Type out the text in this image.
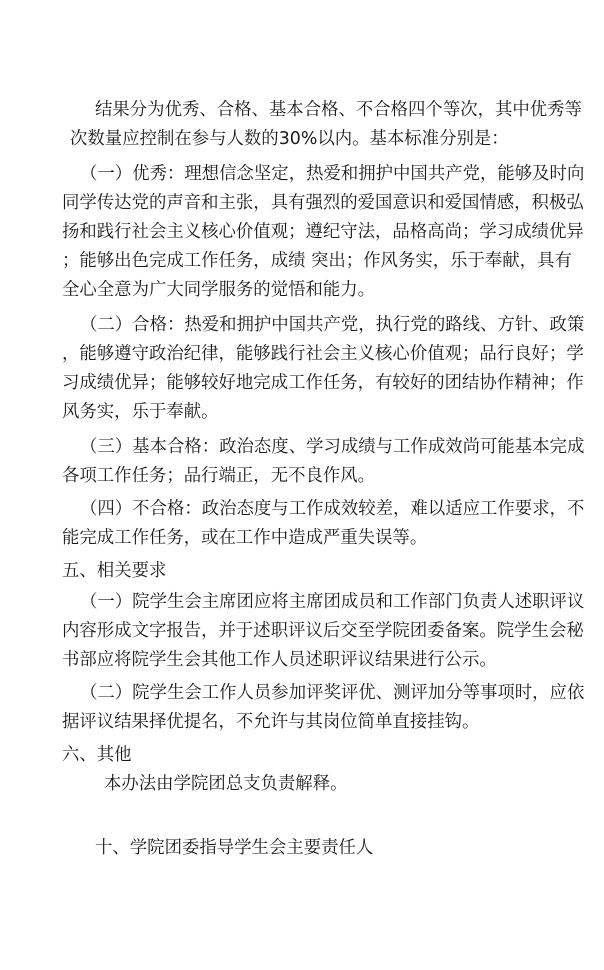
结果分为优秀、合格、基本合格、不合格四个等次，其中优秀等
次数量应控制在参与人数的30%以内。基本标准分别是：
（一）优秀：理想信念坚定，热爱和拥护中国共产党，能够及时向
同学传达党的声音和主张，具有强烈的爱国意识和爱国情感，积极弘
扬和践行社会主义核心价值观；遵纪守法，品格高尚；学习成绩优异
；能够出色完成工作任务，成绩 突出；作风务实，乐于奉献，具有
全心全意为广大同学服务的觉悟和能力。
（二）合格：热爱和拥护中国共产党，执行党的路线、方针、政策
，能够遵守政治纪律，能够践行社会主义核心价值观；品行良好；学
习成绩优异；能够较好地完成工作任务，有较好的团结协作精神；作
风务实，乐于奉献。
（三）基本合格：政治态度、学习成绩与工作成效尚可能基本完成
各项工作任务；品行端正，无不良作风。
（四）不合格：政治态度与工作成效较差，难以适应工作要求，不
能完成工作任务，或在工作中造成严重失误等。
五、相关要求
（一）院学生会主席团应将主席团成员和工作部门负责人述职评议
内容形成文字报告，并于述职评议后交至学院团委备案。院学生会秘
书部应将院学生会其他工作人员述职评议结果进行公示。
（二）院学生会工作人员参加评奖评优、测评加分等事项时，应依
据评议结果择优提名，不允许与其岗位简单直接挂钩。
六、其他
本办法由学院团总支负责解释。
十、学院团委指导学生会主要责任人
